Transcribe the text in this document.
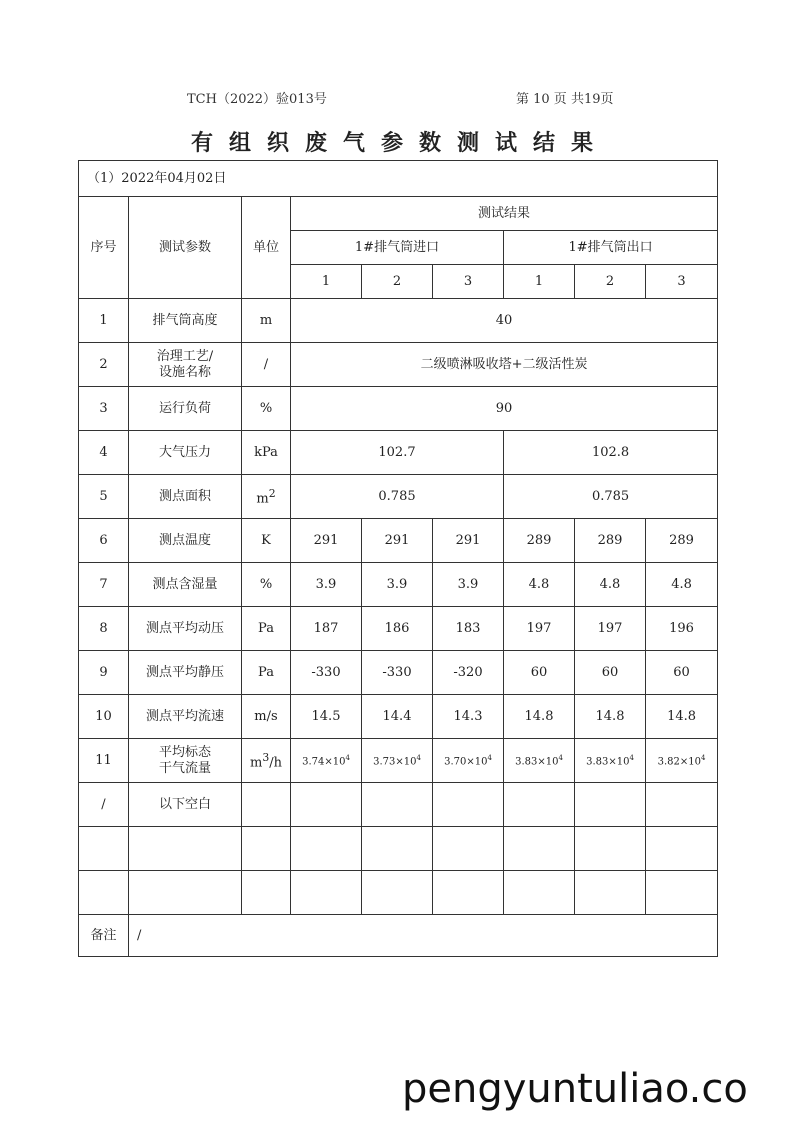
TCH（2022）验013号	第 10 页 共19页
有组织废气参数测试结果
（1）2022年04月02日								
序号	测试参数	单位	测试结果					
			1#排气筒进口			1#排气筒出口		
			1	2	3	1	2	3
1	排气筒高度	m	40					
2	治理工艺/
设施名称	/	二级喷淋吸收塔+二级活性炭					
3	运行负荷	%	90					
4	大气压力	kPa	102.7			102.8		
5	测点面积	$m^2$	0.785			0.785		
6	测点温度	K	291	291	291	289	289	289
7	测点含湿量	%	3.9	3.9	3.9	4.8	4.8	4.8
8	测点平均动压	Pa	187	186	183	197	197	196
9	测点平均静压	Pa	-330	-330	-320	60	60	60
10	测点平均流速	m/s	14.5	14.4	14.3	14.8	14.8	14.8
11	平均标态
干气流量	$m^3/h$	$3.74\times 10^4$	$3.73\times 10^4$	$3.70\times 10^4$	$3.83\times 10^4$	$3.83\times 10^4$	$3.82\times 10^4$
/	以下空白							

备注	/							
pengyuntuliao.co
